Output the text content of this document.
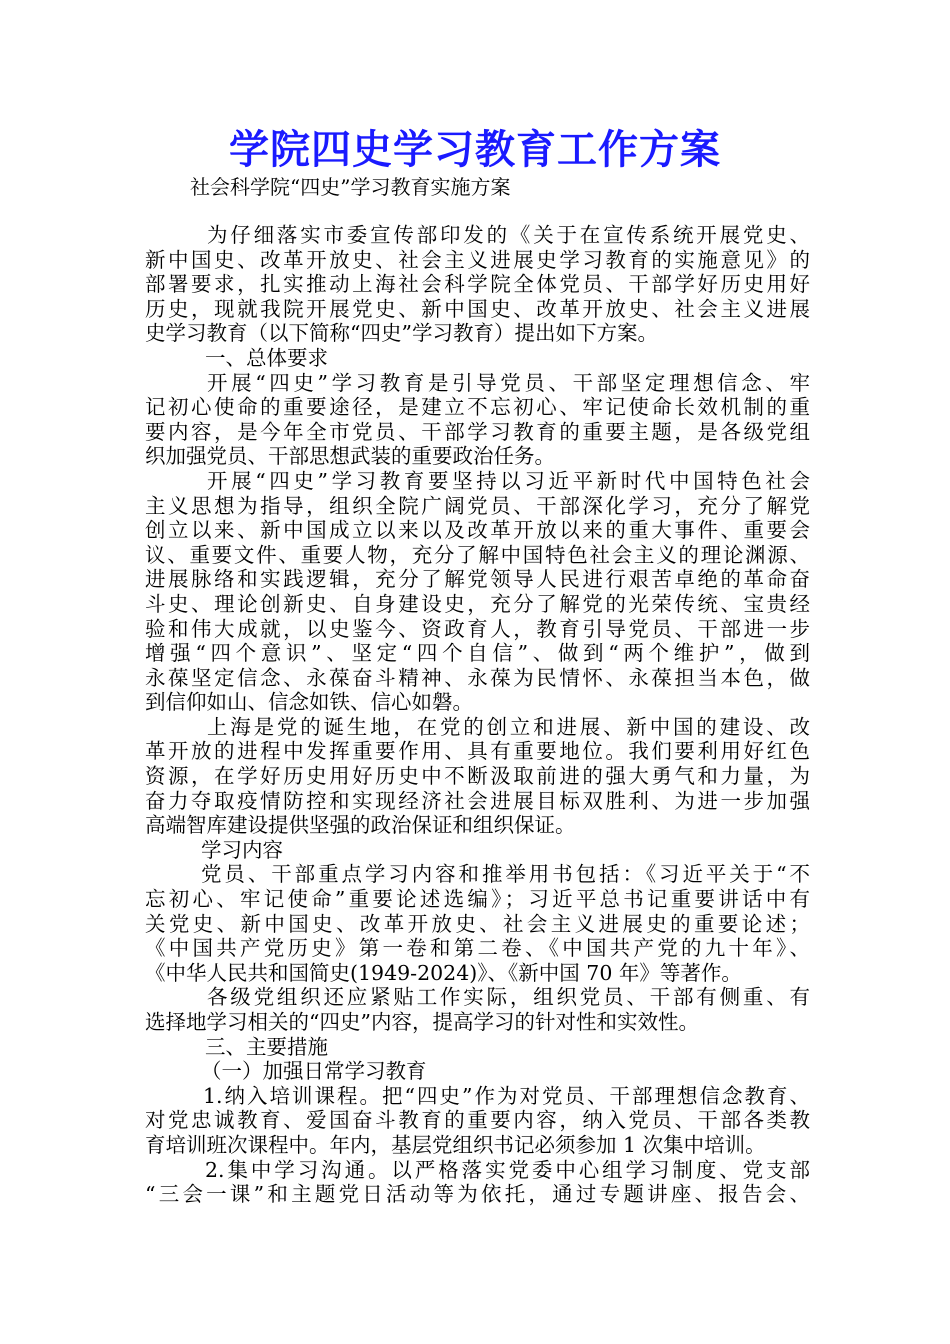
学院四史学习教育工作方案
社会科学院“四史”学习教育实施方案
为仔细落实市委宣传部印发的《关于在宣传系统开展党史、
新中国史、改革开放史、社会主义进展史学习教育的实施意见》的
部署要求，扎实推动上海社会科学院全体党员、干部学好历史用好
历史，现就我院开展党史、新中国史、改革开放史、社会主义进展
史学习教育（以下简称“四史”学习教育）提出如下方案。
一、总体要求
开展“四史”学习教育是引导党员、干部坚定理想信念、牢
记初心使命的重要途径，是建立不忘初心、牢记使命长效机制的重
要内容，是今年全市党员、干部学习教育的重要主题，是各级党组
织加强党员、干部思想武装的重要政治任务。
开展“四史”学习教育要坚持以习近平新时代中国特色社会
主义思想为指导，组织全院广阔党员、干部深化学习，充分了解党
创立以来、新中国成立以来以及改革开放以来的重大事件、重要会
议、重要文件、重要人物，充分了解中国特色社会主义的理论渊源、
进展脉络和实践逻辑，充分了解党领导人民进行艰苦卓绝的革命奋
斗史、理论创新史、自身建设史，充分了解党的光荣传统、宝贵经
验和伟大成就，以史鉴今、资政育人，教育引导党员、干部进一步
增强“四个意识”、坚定“四个自信”、做到“两个维护”，做到
永葆坚定信念、永葆奋斗精神、永葆为民情怀、永葆担当本色，做
到信仰如山、信念如铁、信心如磐。
上海是党的诞生地，在党的创立和进展、新中国的建设、改
革开放的进程中发挥重要作用、具有重要地位。我们要利用好红色
资源，在学好历史用好历史中不断汲取前进的强大勇气和力量，为
奋力夺取疫情防控和实现经济社会进展目标双胜利、为进一步加强
高端智库建设提供坚强的政治保证和组织保证。
学习内容
党员、干部重点学习内容和推举用书包括：《习近平关于“不
忘初心、牢记使命”重要论述选编》；习近平总书记重要讲话中有
关党史、新中国史、改革开放史、社会主义进展史的重要论述；
《中国共产党历史》第一卷和第二卷、《中国共产党的九十年》、
《中华人民共和国简史(1949-2024)》、《新中国 70 年》等著作。
各级党组织还应紧贴工作实际，组织党员、干部有侧重、有
选择地学习相关的“四史”内容，提高学习的针对性和实效性。
三、主要措施
（一）加强日常学习教育
1.纳入培训课程。把“四史”作为对党员、干部理想信念教育、
对党忠诚教育、爱国奋斗教育的重要内容，纳入党员、干部各类教
育培训班次课程中。年内，基层党组织书记必须参加 1 次集中培训。
2.集中学习沟通。以严格落实党委中心组学习制度、党支部
“三会一课”和主题党日活动等为依托，通过专题讲座、报告会、
